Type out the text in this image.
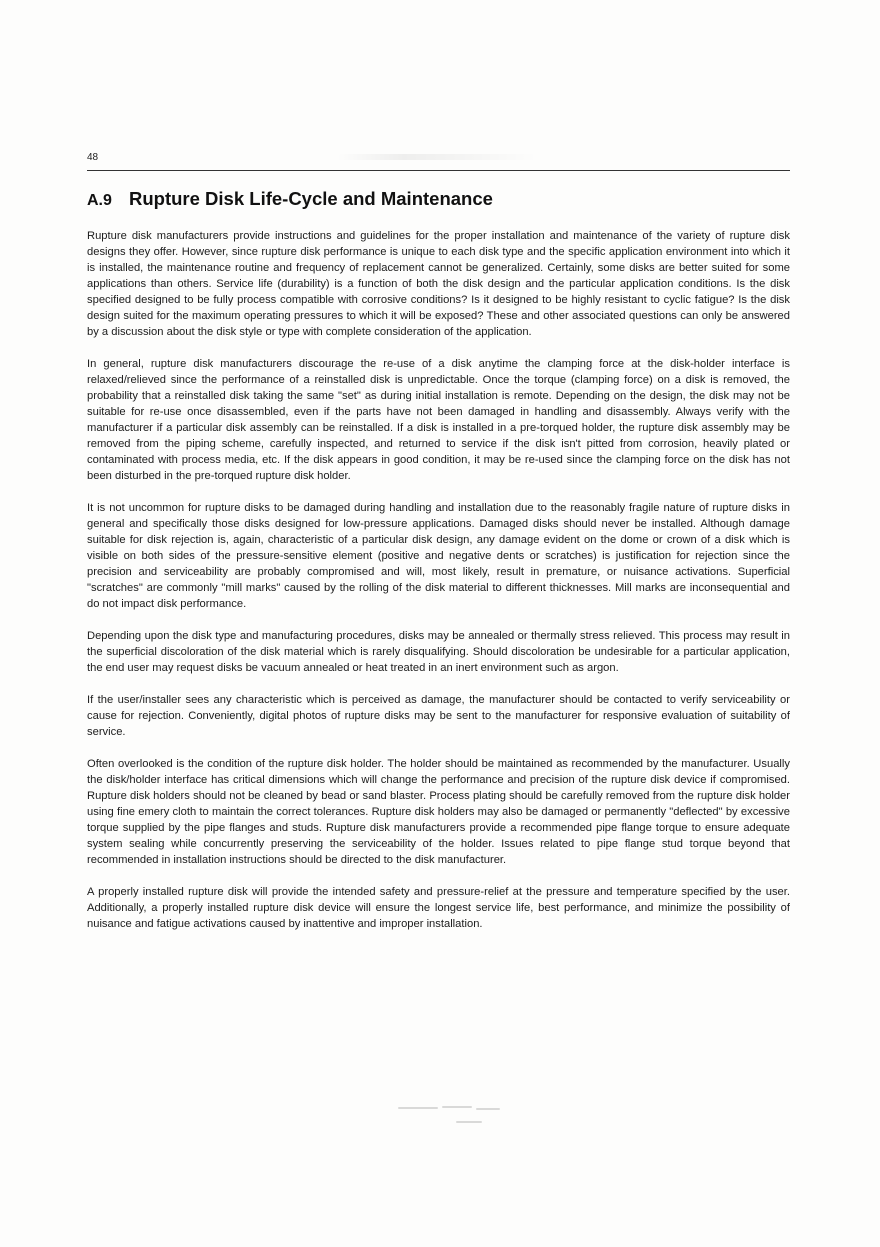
48
A.9 Rupture Disk Life-Cycle and Maintenance

Rupture disk manufacturers provide instructions and guidelines for the proper installation and maintenance of the variety of rupture disk designs they offer. However, since rupture disk performance is unique to each disk type and the specific application environment into which it is installed, the maintenance routine and frequency of replacement cannot be generalized. Certainly, some disks are better suited for some applications than others. Service life (durability) is a function of both the disk design and the particular application conditions. Is the disk specified designed to be fully process compatible with corrosive conditions? Is it designed to be highly resistant to cyclic fatigue? Is the disk design suited for the maximum operating pressures to which it will be exposed? These and other associated questions can only be answered by a discussion about the disk style or type with complete consideration of the application.

In general, rupture disk manufacturers discourage the re-use of a disk anytime the clamping force at the disk-holder interface is relaxed/relieved since the performance of a reinstalled disk is unpredictable. Once the torque (clamping force) on a disk is removed, the probability that a reinstalled disk taking the same "set" as during initial installation is remote. Depending on the design, the disk may not be suitable for re-use once disassembled, even if the parts have not been damaged in handling and disassembly. Always verify with the manufacturer if a particular disk assembly can be reinstalled. If a disk is installed in a pre-torqued holder, the rupture disk assembly may be removed from the piping scheme, carefully inspected, and returned to service if the disk isn't pitted from corrosion, heavily plated or contaminated with process media, etc. If the disk appears in good condition, it may be re-used since the clamping force on the disk has not been disturbed in the pre-torqued rupture disk holder.

It is not uncommon for rupture disks to be damaged during handling and installation due to the reasonably fragile nature of rupture disks in general and specifically those disks designed for low-pressure applications. Damaged disks should never be installed. Although damage suitable for disk rejection is, again, characteristic of a particular disk design, any damage evident on the dome or crown of a disk which is visible on both sides of the pressure-sensitive element (positive and negative dents or scratches) is justification for rejection since the precision and serviceability are probably compromised and will, most likely, result in premature, or nuisance activations. Superficial "scratches" are commonly "mill marks" caused by the rolling of the disk material to different thicknesses. Mill marks are inconsequential and do not impact disk performance.

Depending upon the disk type and manufacturing procedures, disks may be annealed or thermally stress relieved. This process may result in the superficial discoloration of the disk material which is rarely disqualifying. Should discoloration be undesirable for a particular application, the end user may request disks be vacuum annealed or heat treated in an inert environment such as argon.

If the user/installer sees any characteristic which is perceived as damage, the manufacturer should be contacted to verify serviceability or cause for rejection. Conveniently, digital photos of rupture disks may be sent to the manufacturer for responsive evaluation of suitability of service.

Often overlooked is the condition of the rupture disk holder. The holder should be maintained as recommended by the manufacturer. Usually the disk/holder interface has critical dimensions which will change the performance and precision of the rupture disk device if compromised. Rupture disk holders should not be cleaned by bead or sand blaster. Process plating should be carefully removed from the rupture disk holder using fine emery cloth to maintain the correct tolerances. Rupture disk holders may also be damaged or permanently "deflected" by excessive torque supplied by the pipe flanges and studs. Rupture disk manufacturers provide a recommended pipe flange torque to ensure adequate system sealing while concurrently preserving the serviceability of the holder. Issues related to pipe flange stud torque beyond that recommended in installation instructions should be directed to the disk manufacturer.

A properly installed rupture disk will provide the intended safety and pressure-relief at the pressure and temperature specified by the user. Additionally, a properly installed rupture disk device will ensure the longest service life, best performance, and minimize the possibility of nuisance and fatigue activations caused by inattentive and improper installation.
